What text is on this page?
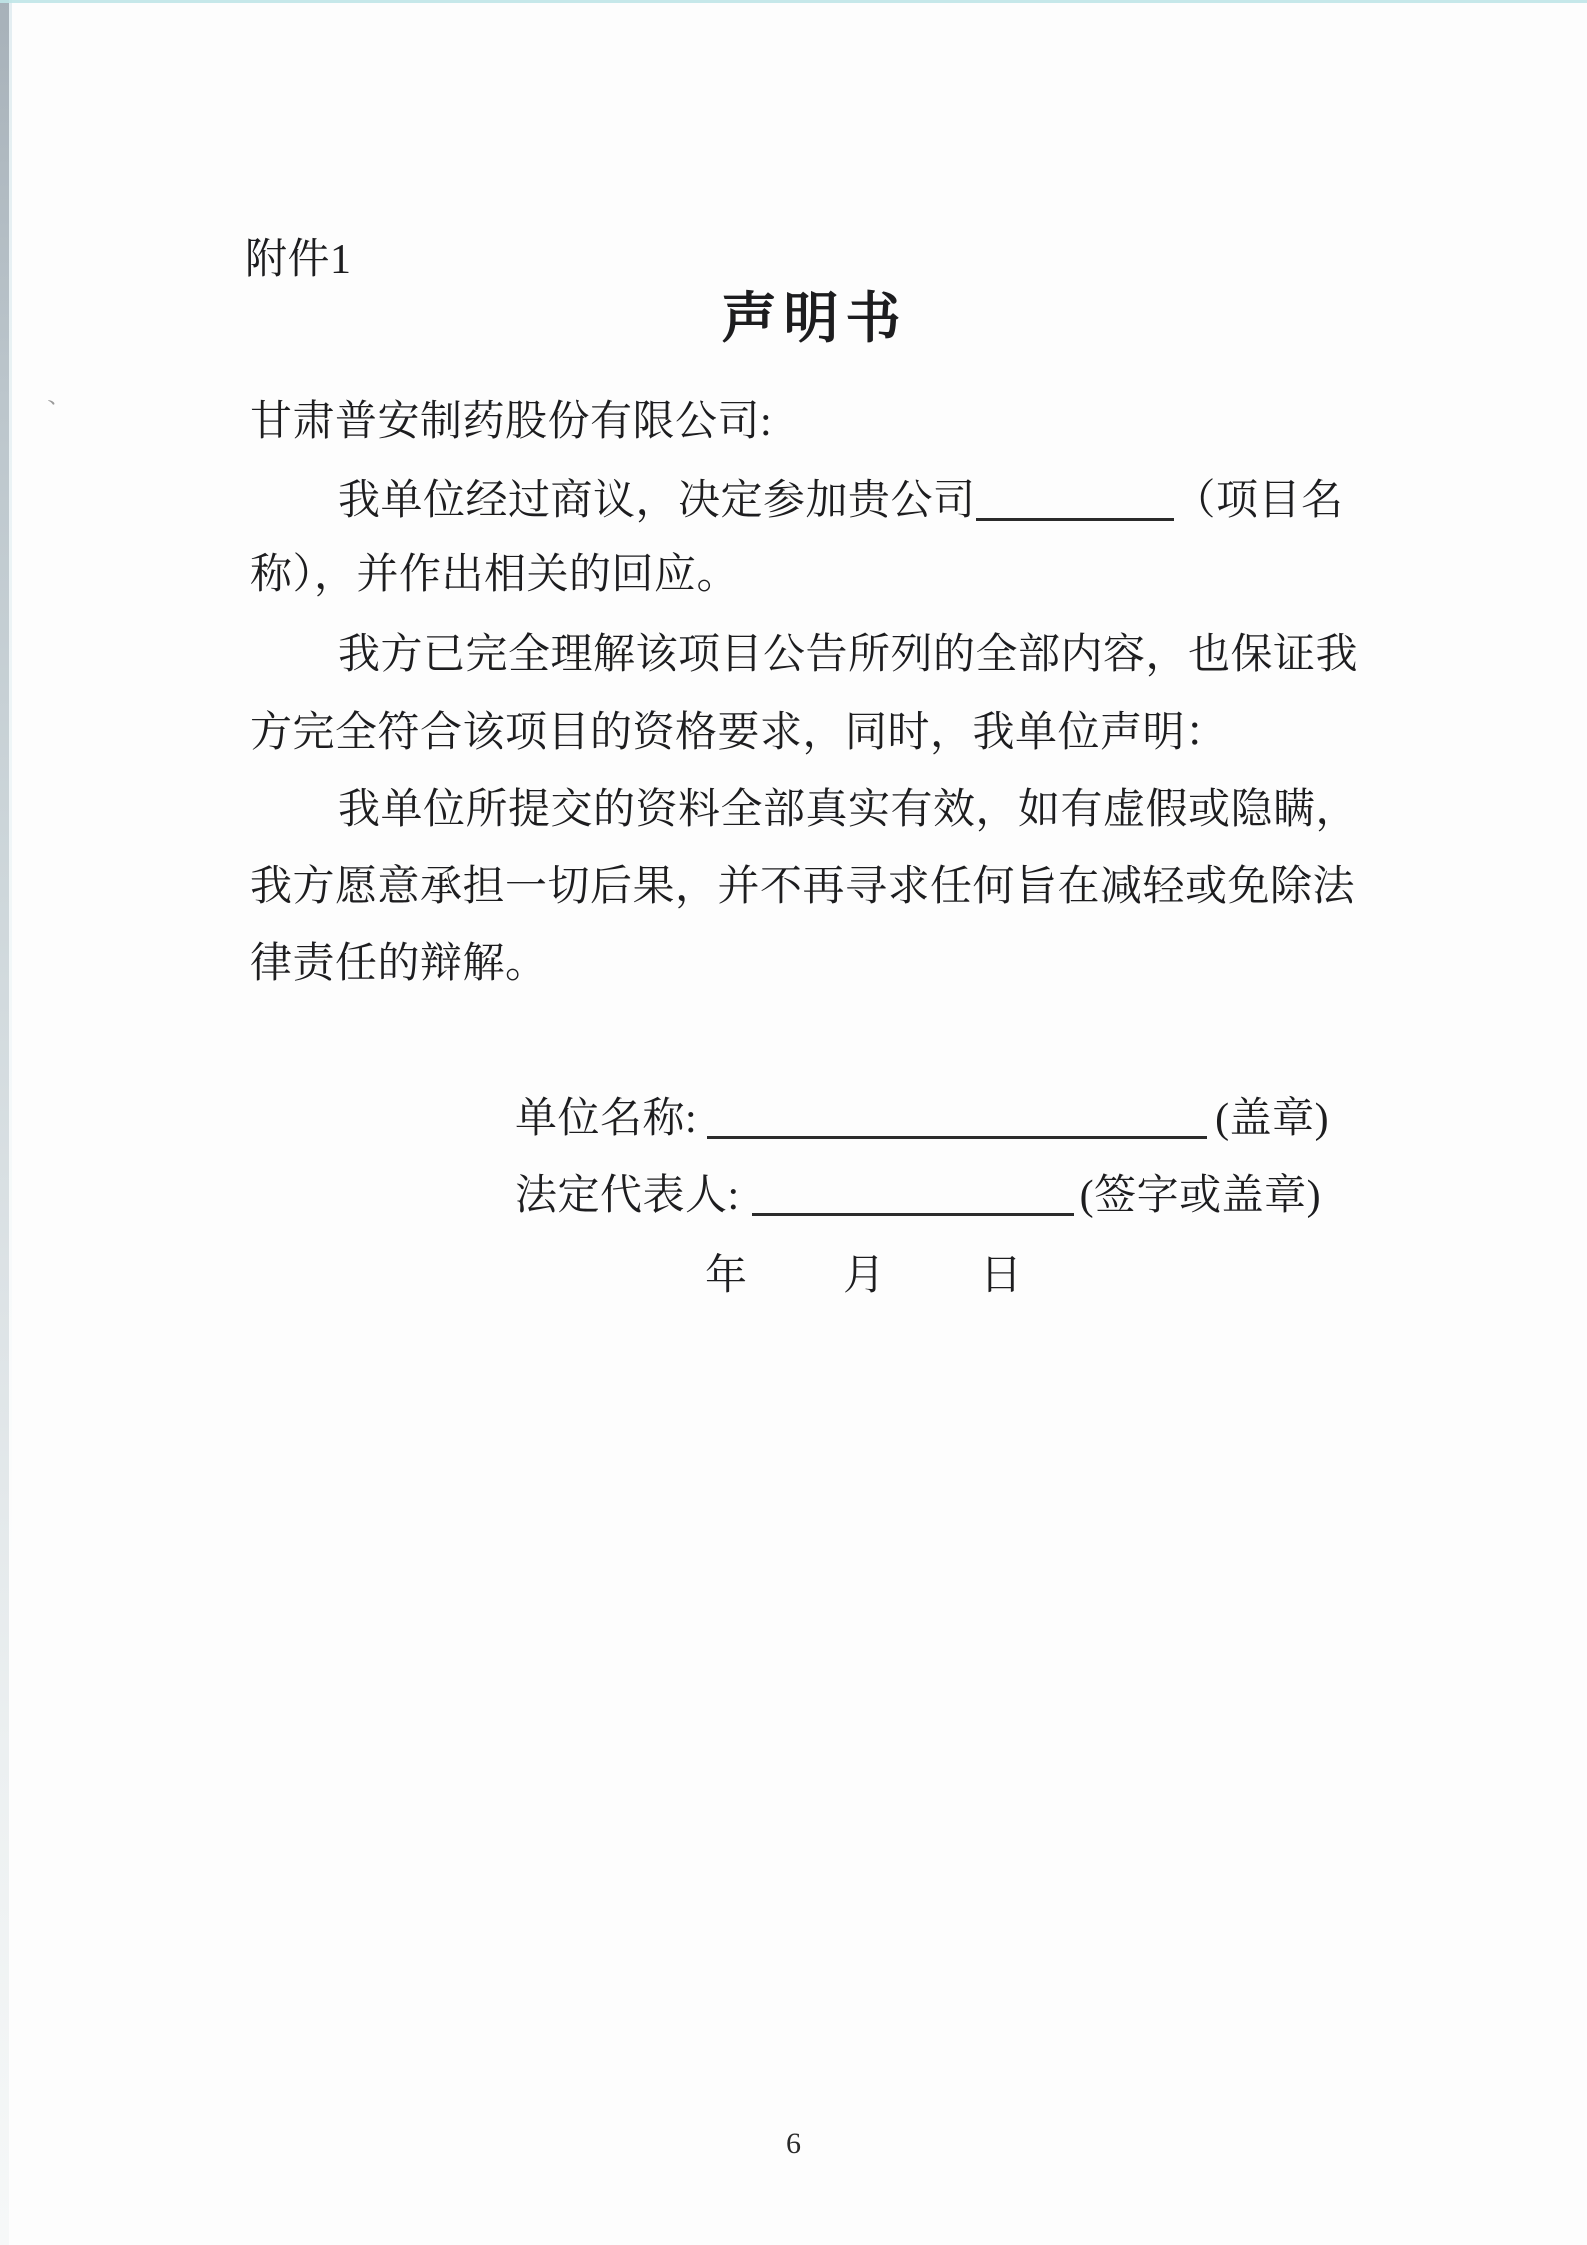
、
附件1
声明书
甘肃普安制药股份有限公司:
我单位经过商议，决定参加贵公司	（项目名
称），并作出相关的回应。
我方已完全理解该项目公告所列的全部内容，也保证我
方完全符合该项目的资格要求，同时，我单位声明：
我单位所提交的资料全部真实有效，如有虚假或隐瞒，
我方愿意承担一切后果，并不再寻求任何旨在减轻或免除法
律责任的辩解。
单位名称:	(盖章)
法定代表人:	(签字或盖章)
年 月 日
6
